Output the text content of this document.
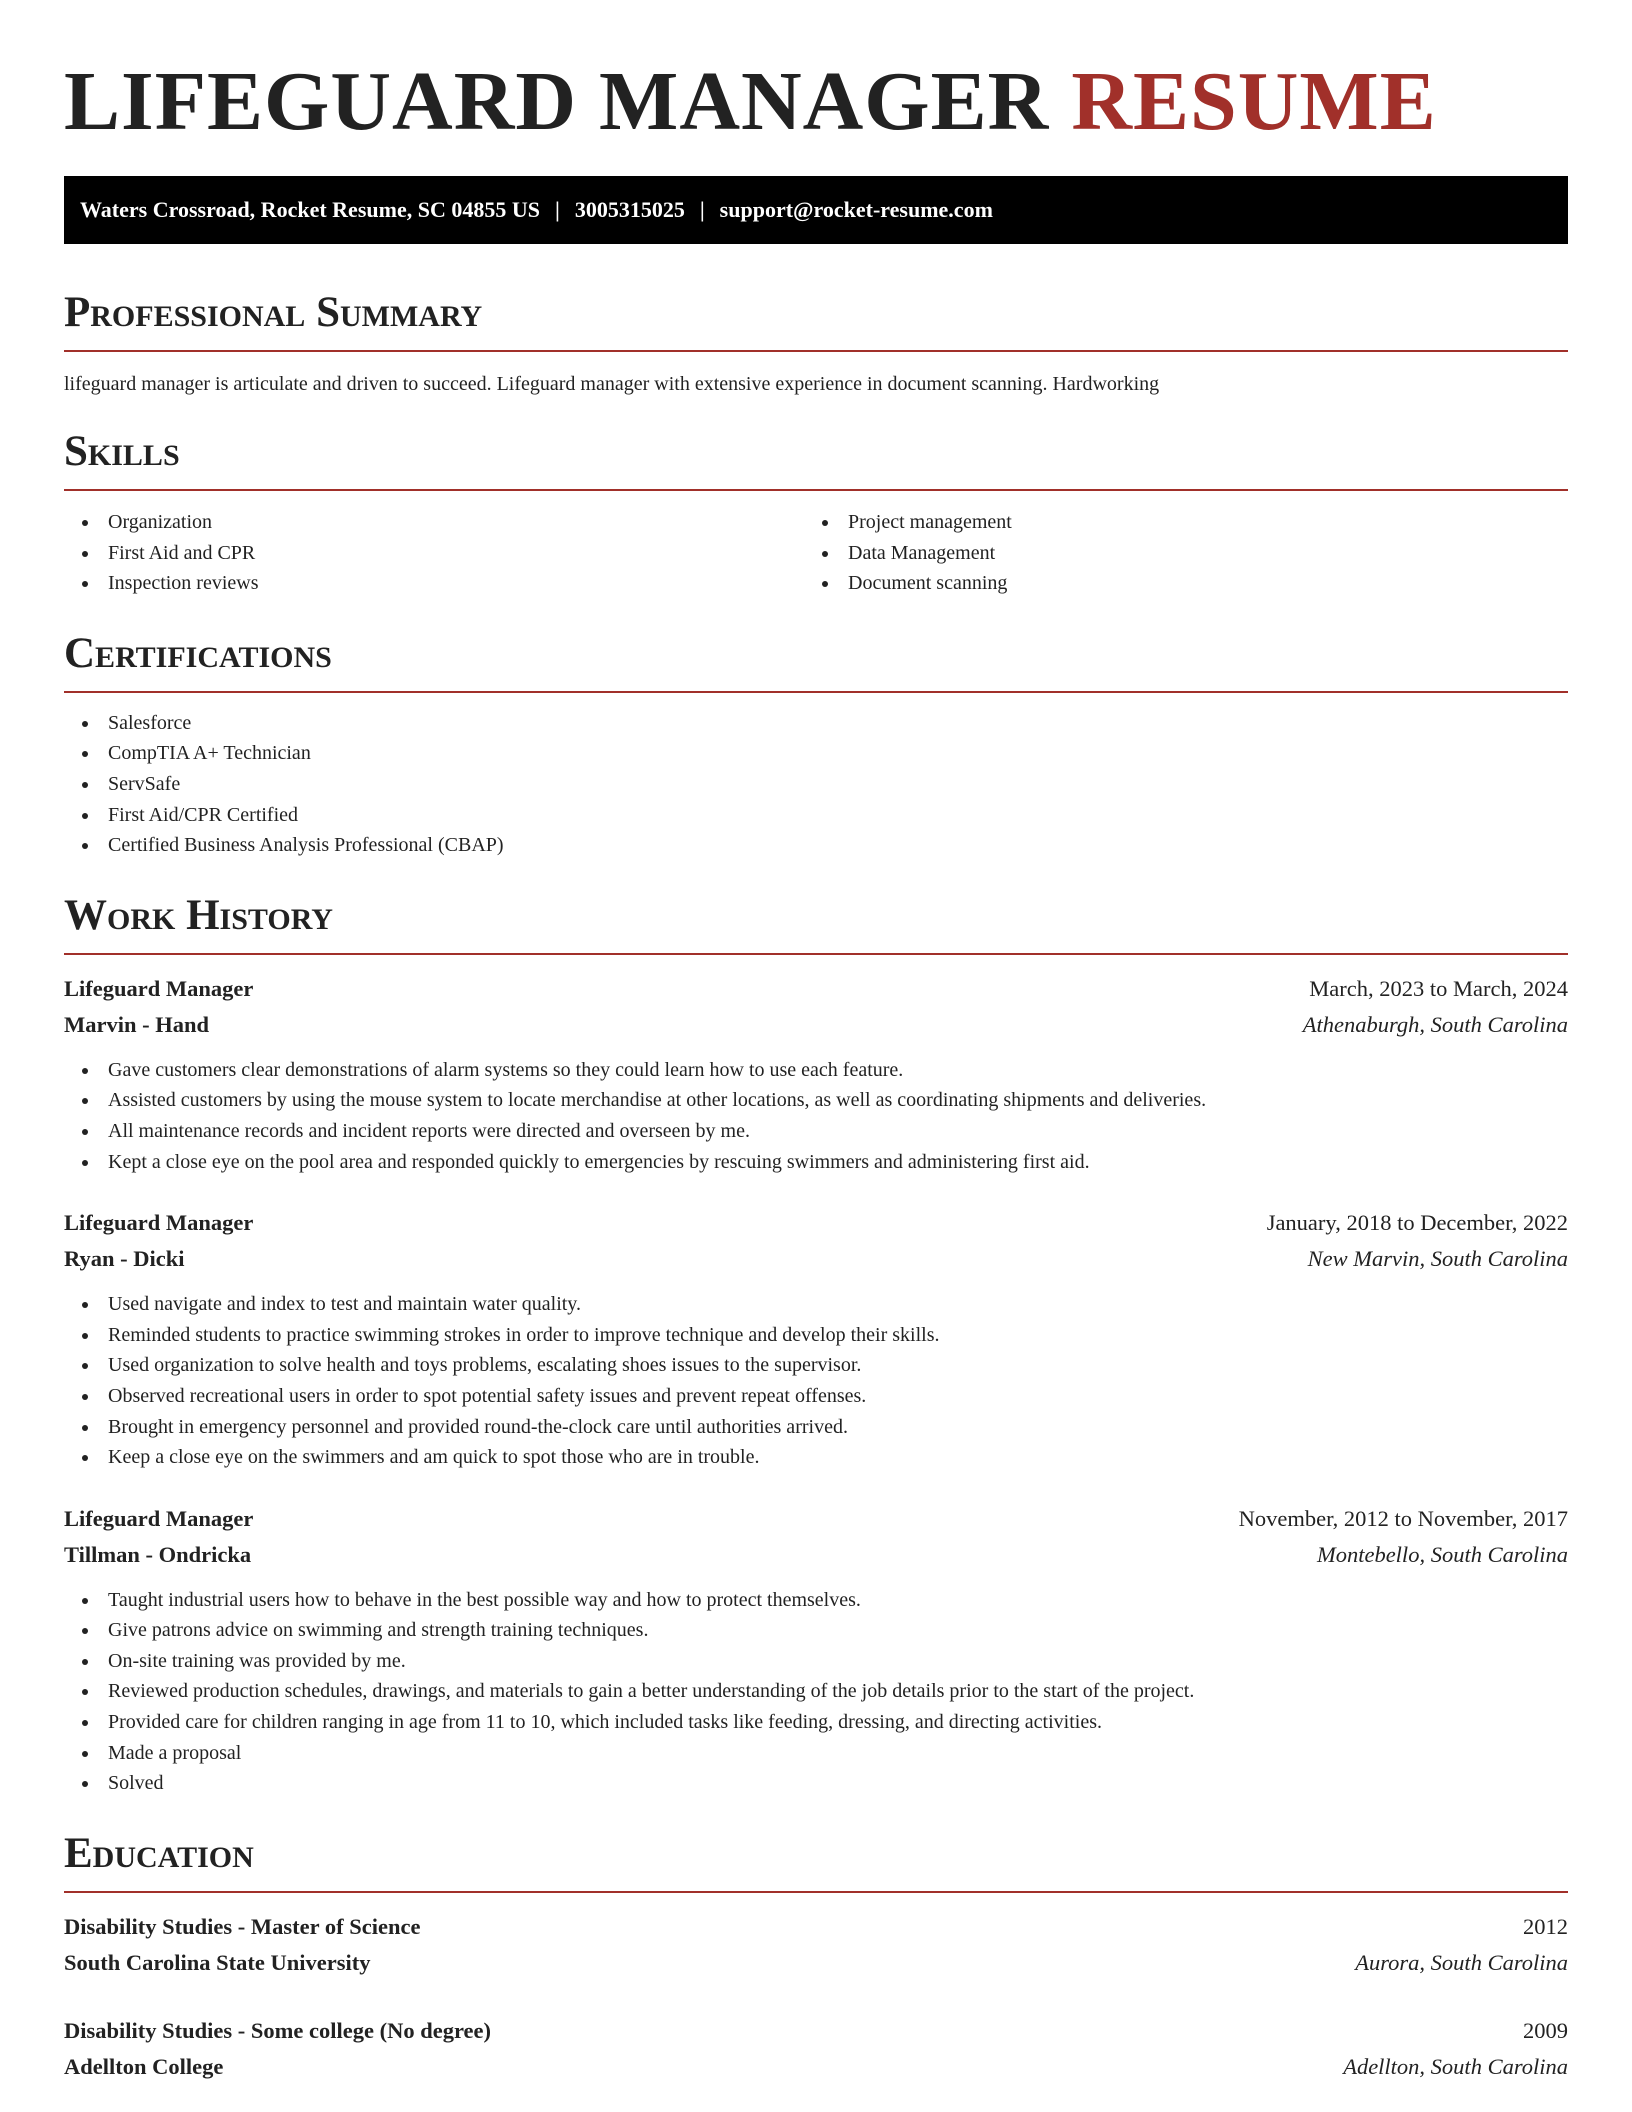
LIFEGUARD MANAGER RESUME
Waters Crossroad, Rocket Resume, SC 04855 US | 3005315025 | support@rocket-resume.com
Professional Summary

lifeguard manager is articulate and driven to succeed. Lifeguard manager with extensive experience in document scanning. Hardworking

Skills
Organization
First Aid and CPR
Inspection reviews
Project management
Data Management
Document scanning
Certifications
Salesforce
CompTIA A+ Technician
ServSafe
First Aid/CPR Certified
Certified Business Analysis Professional (CBAP)
Work History
Lifeguard Manager	March, 2023 to March, 2024
Marvin - Hand	Athenaburgh, South Carolina
Gave customers clear demonstrations of alarm systems so they could learn how to use each feature.
Assisted customers by using the mouse system to locate merchandise at other locations, as well as coordinating shipments and deliveries.
All maintenance records and incident reports were directed and overseen by me.
Kept a close eye on the pool area and responded quickly to emergencies by rescuing swimmers and administering first aid.
Lifeguard Manager	January, 2018 to December, 2022
Ryan - Dicki	New Marvin, South Carolina
Used navigate and index to test and maintain water quality.
Reminded students to practice swimming strokes in order to improve technique and develop their skills.
Used organization to solve health and toys problems, escalating shoes issues to the supervisor.
Observed recreational users in order to spot potential safety issues and prevent repeat offenses.
Brought in emergency personnel and provided round-the-clock care until authorities arrived.
Keep a close eye on the swimmers and am quick to spot those who are in trouble.
Lifeguard Manager	November, 2012 to November, 2017
Tillman - Ondricka	Montebello, South Carolina
Taught industrial users how to behave in the best possible way and how to protect themselves.
Give patrons advice on swimming and strength training techniques.
On-site training was provided by me.
Reviewed production schedules, drawings, and materials to gain a better understanding of the job details prior to the start of the project.
Provided care for children ranging in age from 11 to 10, which included tasks like feeding, dressing, and directing activities.
Made a proposal
Solved
Education
Disability Studies - Master of Science	2012
South Carolina State University	Aurora, South Carolina
Disability Studies - Some college (No degree)	2009
Adellton College	Adellton, South Carolina
